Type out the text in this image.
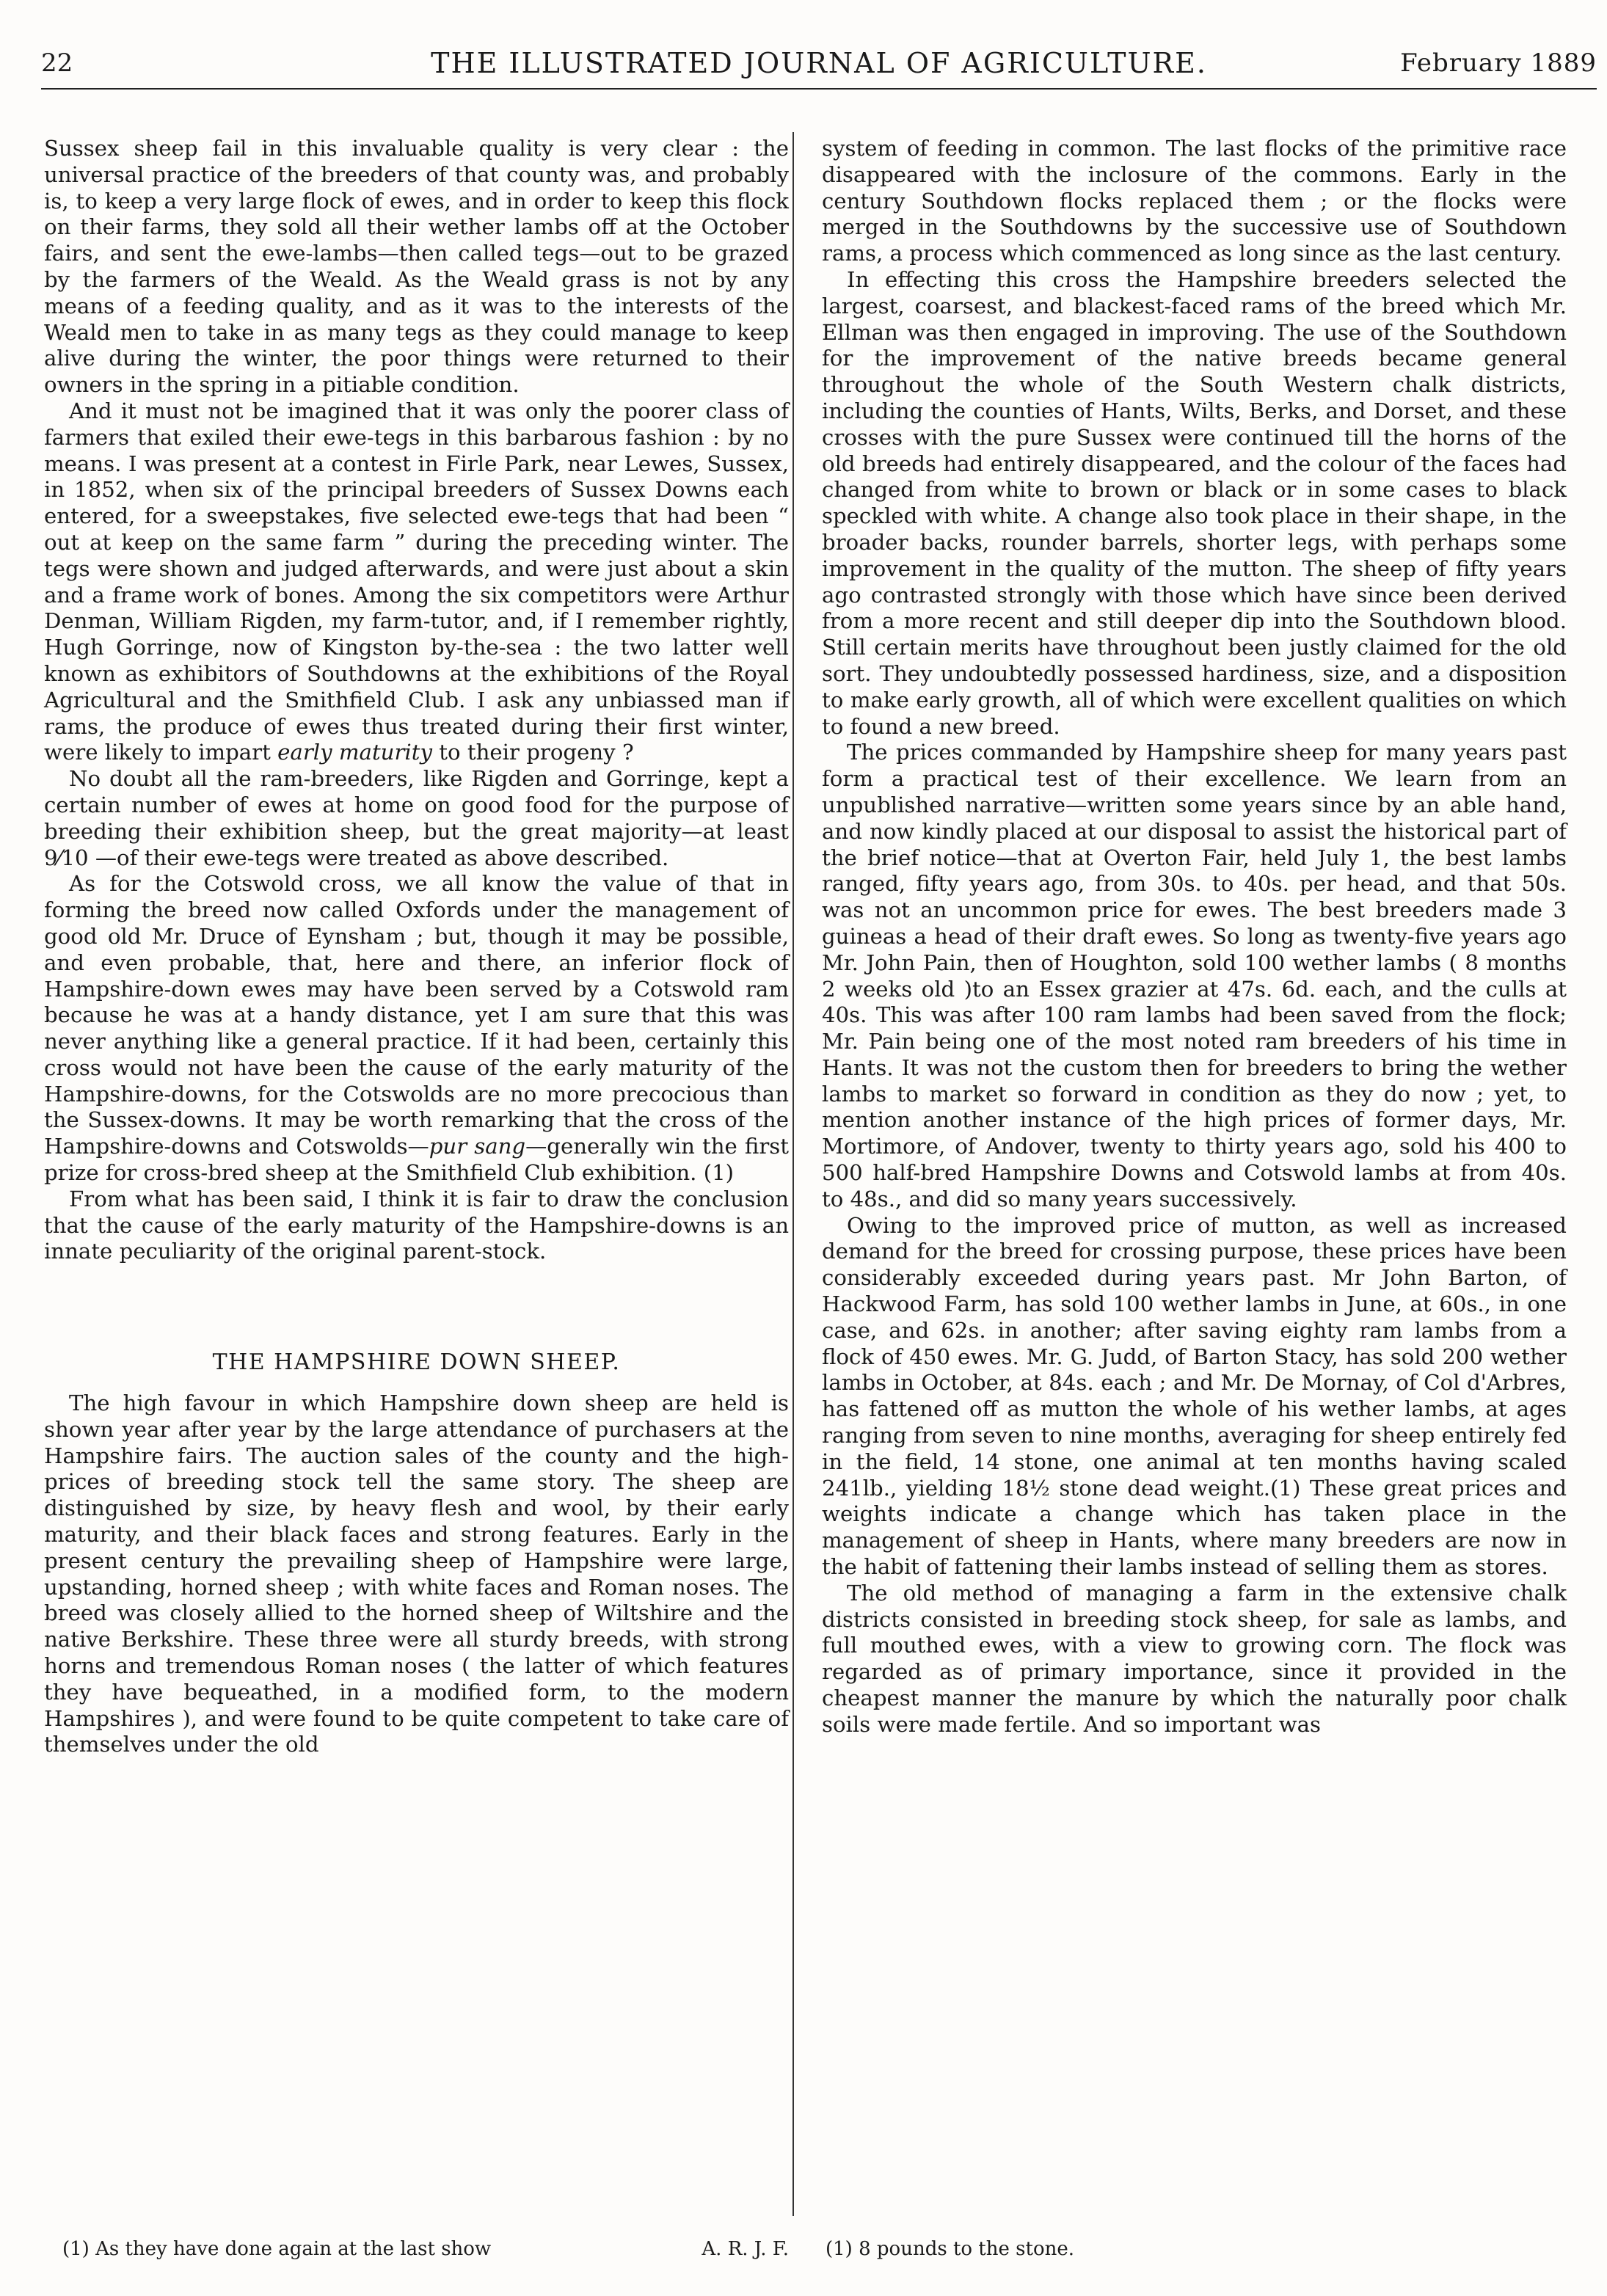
22	THE ILLUSTRATED JOURNAL OF AGRICULTURE.	February 1889

Sussex sheep fail in this invaluable quality is very clear : the universal practice of the breeders of that county was, and probably is, to keep a very large flock of ewes, and in order to keep this flock on their farms, they sold all their wether lambs off at the October fairs, and sent the ewe-lambs—then called tegs—out to be grazed by the farmers of the Weald. As the Weald grass is not by any means of a feeding quality, and as it was to the interests of the Weald men to take in as many tegs as they could manage to keep alive during the winter, the poor things were returned to their owners in the spring in a pitiable condition.

And it must not be imagined that it was only the poorer class of farmers that exiled their ewe-tegs in this barbarous fashion : by no means. I was present at a contest in Firle Park, near Lewes, Sussex, in 1852, when six of the principal breeders of Sussex Downs each entered, for a sweepstakes, five selected ewe-tegs that had been “ out at keep on the same farm ” during the preceding winter. The tegs were shown and judged afterwards, and were just about a skin and a frame work of bones. Among the six competitors were Arthur Denman, William Rigden, my farm-tutor, and, if I remember rightly, Hugh Gorringe, now of Kingston by-the-sea : the two latter well known as exhibitors of Southdowns at the exhibitions of the Royal Agricultural and the Smithfield Club. I ask any unbiassed man if rams, the produce of ewes thus treated during their first winter, were likely to impart early maturity to their progeny ?

No doubt all the ram-breeders, like Rigden and Gorringe, kept a certain number of ewes at home on good food for the purpose of breeding their exhibition sheep, but the great majority—at least 9⁄10 —of their ewe-tegs were treated as above described.

As for the Cotswold cross, we all know the value of that in forming the breed now called Oxfords under the management of good old Mr. Druce of Eynsham ; but, though it may be possible, and even probable, that, here and there, an inferior flock of Hampshire-down ewes may have been served by a Cotswold ram because he was at a handy distance, yet I am sure that this was never anything like a general practice. If it had been, certainly this cross would not have been the cause of the early maturity of the Hampshire-downs, for the Cotswolds are no more precocious than the Sussex-downs. It may be worth remarking that the cross of the Hampshire-downs and Cotswolds—pur sang—generally win the first prize for cross-bred sheep at the Smithfield Club exhibition. (1)

From what has been said, I think it is fair to draw the conclusion that the cause of the early maturity of the Hampshire-downs is an innate peculiarity of the original parent-stock.

THE HAMPSHIRE DOWN SHEEP.

The high favour in which Hampshire down sheep are held is shown year after year by the large attendance of purchasers at the Hampshire fairs. The auction sales of the county and the high-prices of breeding stock tell the same story. The sheep are distinguished by size, by heavy flesh and wool, by their early maturity, and their black faces and strong features. Early in the present century the prevailing sheep of Hampshire were large, upstanding, horned sheep ; with white faces and Roman noses. The breed was closely allied to the horned sheep of Wiltshire and the native Berkshire. These three were all sturdy breeds, with strong horns and tremendous Roman noses ( the latter of which features they have bequeathed, in a modified form, to the modern Hampshires ), and were found to be quite competent to take care of themselves under the old

system of feeding in common. The last flocks of the primitive race disappeared with the inclosure of the commons. Early in the century Southdown flocks replaced them ; or the flocks were merged in the Southdowns by the successive use of Southdown rams, a process which commenced as long since as the last century.

In effecting this cross the Hampshire breeders selected the largest, coarsest, and blackest-faced rams of the breed which Mr. Ellman was then engaged in improving. The use of the Southdown for the improvement of the native breeds became general throughout the whole of the South Western chalk districts, including the counties of Hants, Wilts, Berks, and Dorset, and these crosses with the pure Sussex were continued till the horns of the old breeds had entirely disappeared, and the colour of the faces had changed from white to brown or black or in some cases to black speckled with white. A change also took place in their shape, in the broader backs, rounder barrels, shorter legs, with perhaps some improvement in the quality of the mutton. The sheep of fifty years ago contrasted strongly with those which have since been derived from a more recent and still deeper dip into the Southdown blood. Still certain merits have throughout been justly claimed for the old sort. They undoubtedly possessed hardiness, size, and a disposition to make early growth, all of which were excellent qualities on which to found a new breed.

The prices commanded by Hampshire sheep for many years past form a practical test of their excellence. We learn from an unpublished narrative—written some years since by an able hand, and now kindly placed at our disposal to assist the historical part of the brief notice—that at Overton Fair, held July 1, the best lambs ranged, fifty years ago, from 30s. to 40s. per head, and that 50s. was not an uncommon price for ewes. The best breeders made 3 guineas a head of their draft ewes. So long as twenty-five years ago Mr. John Pain, then of Houghton, sold 100 wether lambs ( 8 months 2 weeks old )to an Essex grazier at 47s. 6d. each, and the culls at 40s. This was after 100 ram lambs had been saved from the flock; Mr. Pain being one of the most noted ram breeders of his time in Hants. It was not the custom then for breeders to bring the wether lambs to market so forward in condition as they do now ; yet, to mention another instance of the high prices of former days, Mr. Mortimore, of Andover, twenty to thirty years ago, sold his 400 to 500 half-bred Hampshire Downs and Cotswold lambs at from 40s. to 48s., and did so many years successively.

Owing to the improved price of mutton, as well as increased demand for the breed for crossing purpose, these prices have been considerably exceeded during years past. Mr John Barton, of Hackwood Farm, has sold 100 wether lambs in June, at 60s., in one case, and 62s. in another; after saving eighty ram lambs from a flock of 450 ewes. Mr. G. Judd, of Barton Stacy, has sold 200 wether lambs in October, at 84s. each ; and Mr. De Mornay, of Col d'Arbres, has fattened off as mutton the whole of his wether lambs, at ages ranging from seven to nine months, averaging for sheep entirely fed in the field, 14 stone, one animal at ten months having scaled 241lb., yielding 18½ stone dead weight.(1) These great prices and weights indicate a change which has taken place in the management of sheep in Hants, where many breeders are now in the habit of fattening their lambs instead of selling them as stores.

The old method of managing a farm in the extensive chalk districts consisted in breeding stock sheep, for sale as lambs, and full mouthed ewes, with a view to growing corn. The flock was regarded as of primary importance, since it provided in the cheapest manner the manure by which the naturally poor chalk soils were made fertile. And so important was

(1) As they have done again at the last show	A. R. J. F. (1) 8 pounds to the stone.
